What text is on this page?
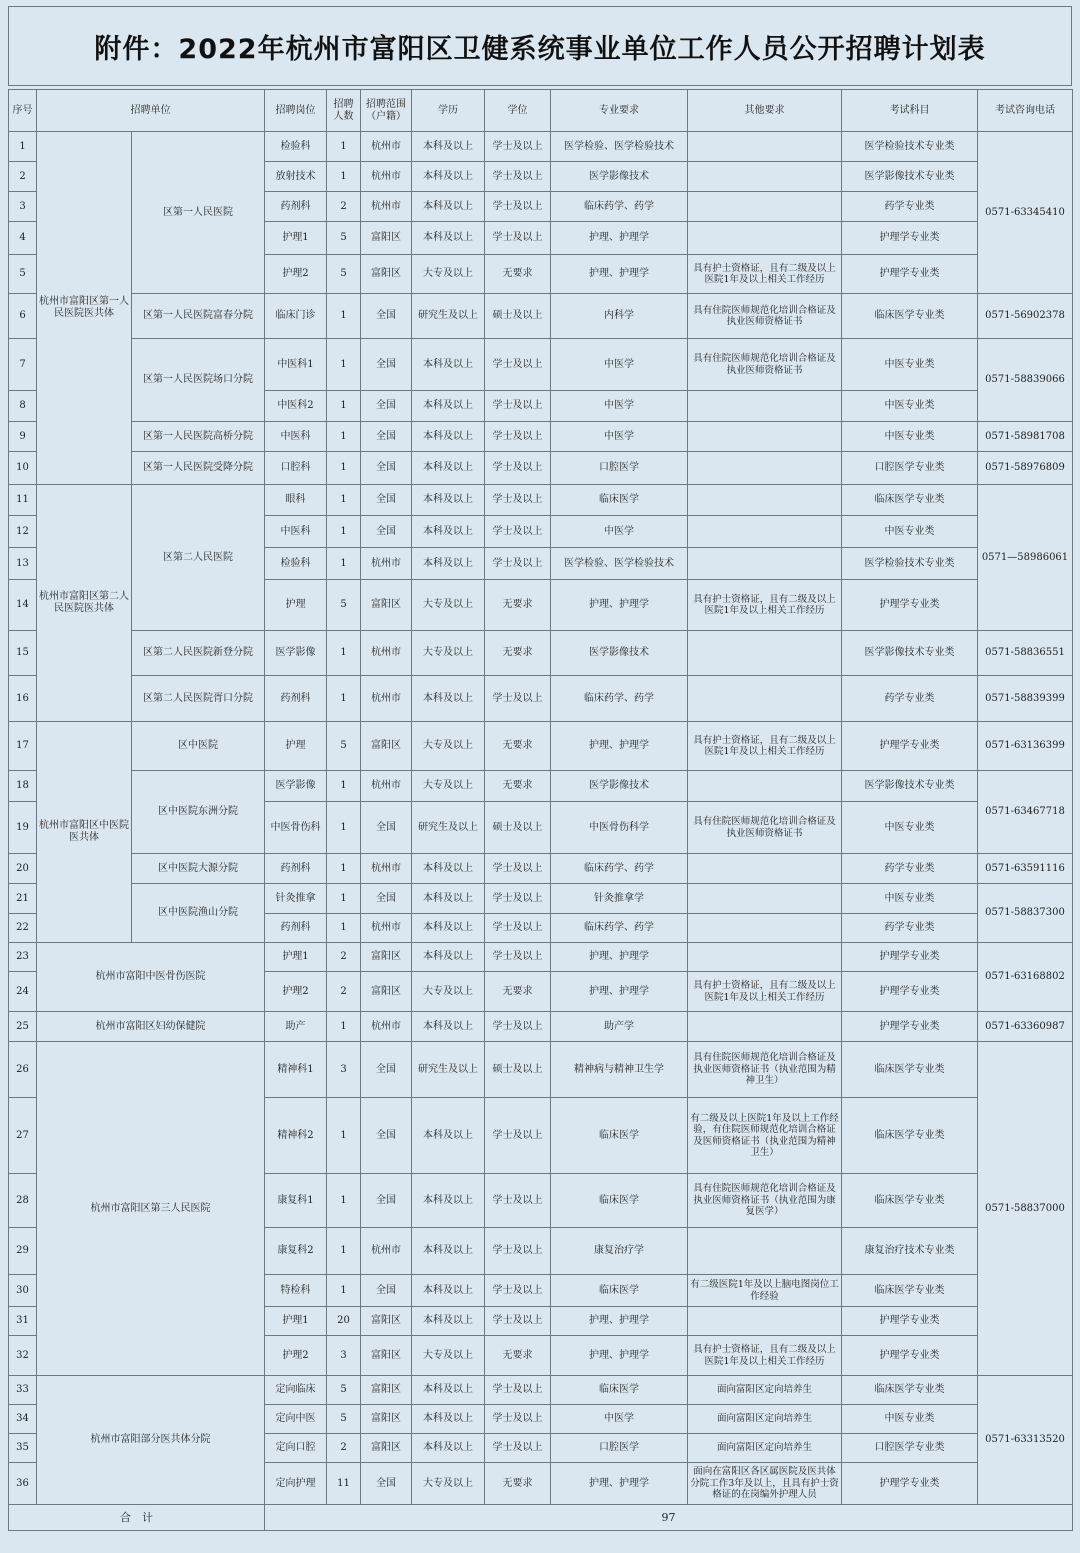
附件：2022年杭州市富阳区卫健系统事业单位工作人员公开招聘计划表
序号	招聘单位		招聘岗位	招聘人数	招聘范围（户籍）	学历	学位	专业要求	其他要求	考试科目	考试咨询电话
1	杭州市富阳区第一人民医院医共体	区第一人民医院	检验科	1	杭州市	本科及以上	学士及以上	医学检验、医学检验技术		医学检验技术专业类	0571-63345410
2			放射技术	1	杭州市	本科及以上	学士及以上	医学影像技术		医学影像技术专业类	
3			药剂科	2	杭州市	本科及以上	学士及以上	临床药学、药学		药学专业类	
4			护理1	5	富阳区	本科及以上	学士及以上	护理、护理学		护理学专业类	
5			护理2	5	富阳区	大专及以上	无要求	护理、护理学	具有护士资格证，且有二级及以上医院1年及以上相关工作经历	护理学专业类	
6		区第一人民医院富春分院	临床门诊	1	全国	研究生及以上	硕士及以上	内科学	具有住院医师规范化培训合格证及执业医师资格证书	临床医学专业类	0571-56902378
7		区第一人民医院场口分院	中医科1	1	全国	本科及以上	学士及以上	中医学	具有住院医师规范化培训合格证及执业医师资格证书	中医专业类	0571-58839066
8			中医科2	1	全国	本科及以上	学士及以上	中医学		中医专业类	
9		区第一人民医院高桥分院	中医科	1	全国	本科及以上	学士及以上	中医学		中医专业类	0571-58981708
10		区第一人民医院受降分院	口腔科	1	全国	本科及以上	学士及以上	口腔医学		口腔医学专业类	0571-58976809
11	杭州市富阳区第二人民医院医共体	区第二人民医院	眼科	1	全国	本科及以上	学士及以上	临床医学		临床医学专业类	0571—58986061
12			中医科	1	全国	本科及以上	学士及以上	中医学		中医专业类	
13			检验科	1	杭州市	本科及以上	学士及以上	医学检验、医学检验技术		医学检验技术专业类	
14			护理	5	富阳区	大专及以上	无要求	护理、护理学	具有护士资格证，且有二级及以上医院1年及以上相关工作经历	护理学专业类	
15		区第二人民医院新登分院	医学影像	1	杭州市	大专及以上	无要求	医学影像技术		医学影像技术专业类	0571-58836551
16		区第二人民医院胥口分院	药剂科	1	杭州市	本科及以上	学士及以上	临床药学、药学		药学专业类	0571-58839399
17	杭州市富阳区中医院医共体	区中医院	护理	5	富阳区	大专及以上	无要求	护理、护理学	具有护士资格证，且有二级及以上医院1年及以上相关工作经历	护理学专业类	0571-63136399
18		区中医院东洲分院	医学影像	1	杭州市	大专及以上	无要求	医学影像技术		医学影像技术专业类	0571-63467718
19			中医骨伤科	1	全国	研究生及以上	硕士及以上	中医骨伤科学	具有住院医师规范化培训合格证及执业医师资格证书	中医专业类	
20		区中医院大源分院	药剂科	1	杭州市	本科及以上	学士及以上	临床药学、药学		药学专业类	0571-63591116
21		区中医院渔山分院	针灸推拿	1	全国	本科及以上	学士及以上	针灸推拿学		中医专业类	0571-58837300
22			药剂科	1	杭州市	本科及以上	学士及以上	临床药学、药学		药学专业类	
23	杭州市富阳中医骨伤医院		护理1	2	富阳区	本科及以上	学士及以上	护理、护理学		护理学专业类	0571-63168802
24			护理2	2	富阳区	大专及以上	无要求	护理、护理学	具有护士资格证，且有二级及以上医院1年及以上相关工作经历	护理学专业类	
25	杭州市富阳区妇幼保健院		助产	1	杭州市	本科及以上	学士及以上	助产学		护理学专业类	0571-63360987
26	杭州市富阳区第三人民医院		精神科1	3	全国	研究生及以上	硕士及以上	精神病与精神卫生学	具有住院医师规范化培训合格证及执业医师资格证书（执业范围为精神卫生）	临床医学专业类	0571-58837000
27			精神科2	1	全国	本科及以上	学士及以上	临床医学	有二级及以上医院1年及以上工作经验，有住院医师规范化培训合格证及医师资格证书（执业范围为精神卫生）	临床医学专业类	
28			康复科1	1	全国	本科及以上	学士及以上	临床医学	具有住院医师规范化培训合格证及执业医师资格证书（执业范围为康复医学）	临床医学专业类	
29			康复科2	1	杭州市	本科及以上	学士及以上	康复治疗学		康复治疗技术专业类	
30			特检科	1	全国	本科及以上	学士及以上	临床医学	有二级医院1年及以上脑电图岗位工作经验	临床医学专业类	
31			护理1	20	富阳区	本科及以上	学士及以上	护理、护理学		护理学专业类	
32			护理2	3	富阳区	大专及以上	无要求	护理、护理学	具有护士资格证，且有二级及以上医院1年及以上相关工作经历	护理学专业类	
33	杭州市富阳部分医共体分院		定向临床	5	富阳区	本科及以上	学士及以上	临床医学	面向富阳区定向培养生	临床医学专业类	0571-63313520
34			定向中医	5	富阳区	本科及以上	学士及以上	中医学	面向富阳区定向培养生	中医专业类	
35			定向口腔	2	富阳区	本科及以上	学士及以上	口腔医学	面向富阳区定向培养生	口腔医学专业类	
36			定向护理	11	全国	大专及以上	无要求	护理、护理学	面向在富阳区各区属医院及医共体分院工作3年及以上，且具有护士资格证的在岗编外护理人员	护理学专业类	
合　计			97								
